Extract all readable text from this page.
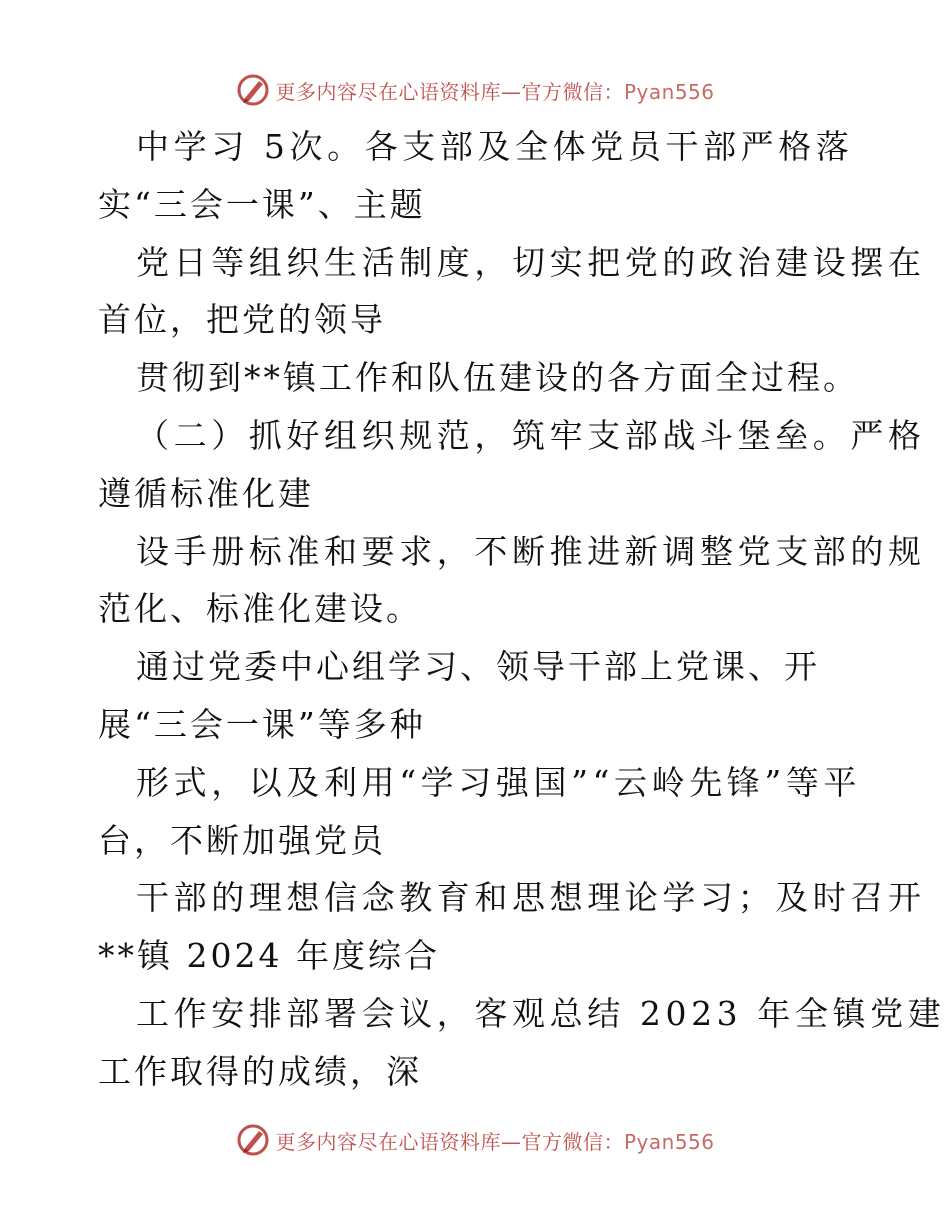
更多内容尽在心语资料库—官方微信：Pyan556
中学习 5次。各支部及全体党员干部严格落
实“三会一课”、主题
党日等组织生活制度，切实把党的政治建设摆在
首位，把党的领导
贯彻到**镇工作和队伍建设的各方面全过程。
（二）抓好组织规范，筑牢支部战斗堡垒。严格
遵循标准化建
设手册标准和要求，不断推进新调整党支部的规
范化、标准化建设。
通过党委中心组学习、领导干部上党课、开
展“三会一课”等多种
形式，以及利用“学习强国”“云岭先锋”等平
台，不断加强党员
干部的理想信念教育和思想理论学习；及时召开
**镇 2024 年度综合
工作安排部署会议，客观总结 2023 年全镇党建
工作取得的成绩，深
更多内容尽在心语资料库—官方微信：Pyan556
